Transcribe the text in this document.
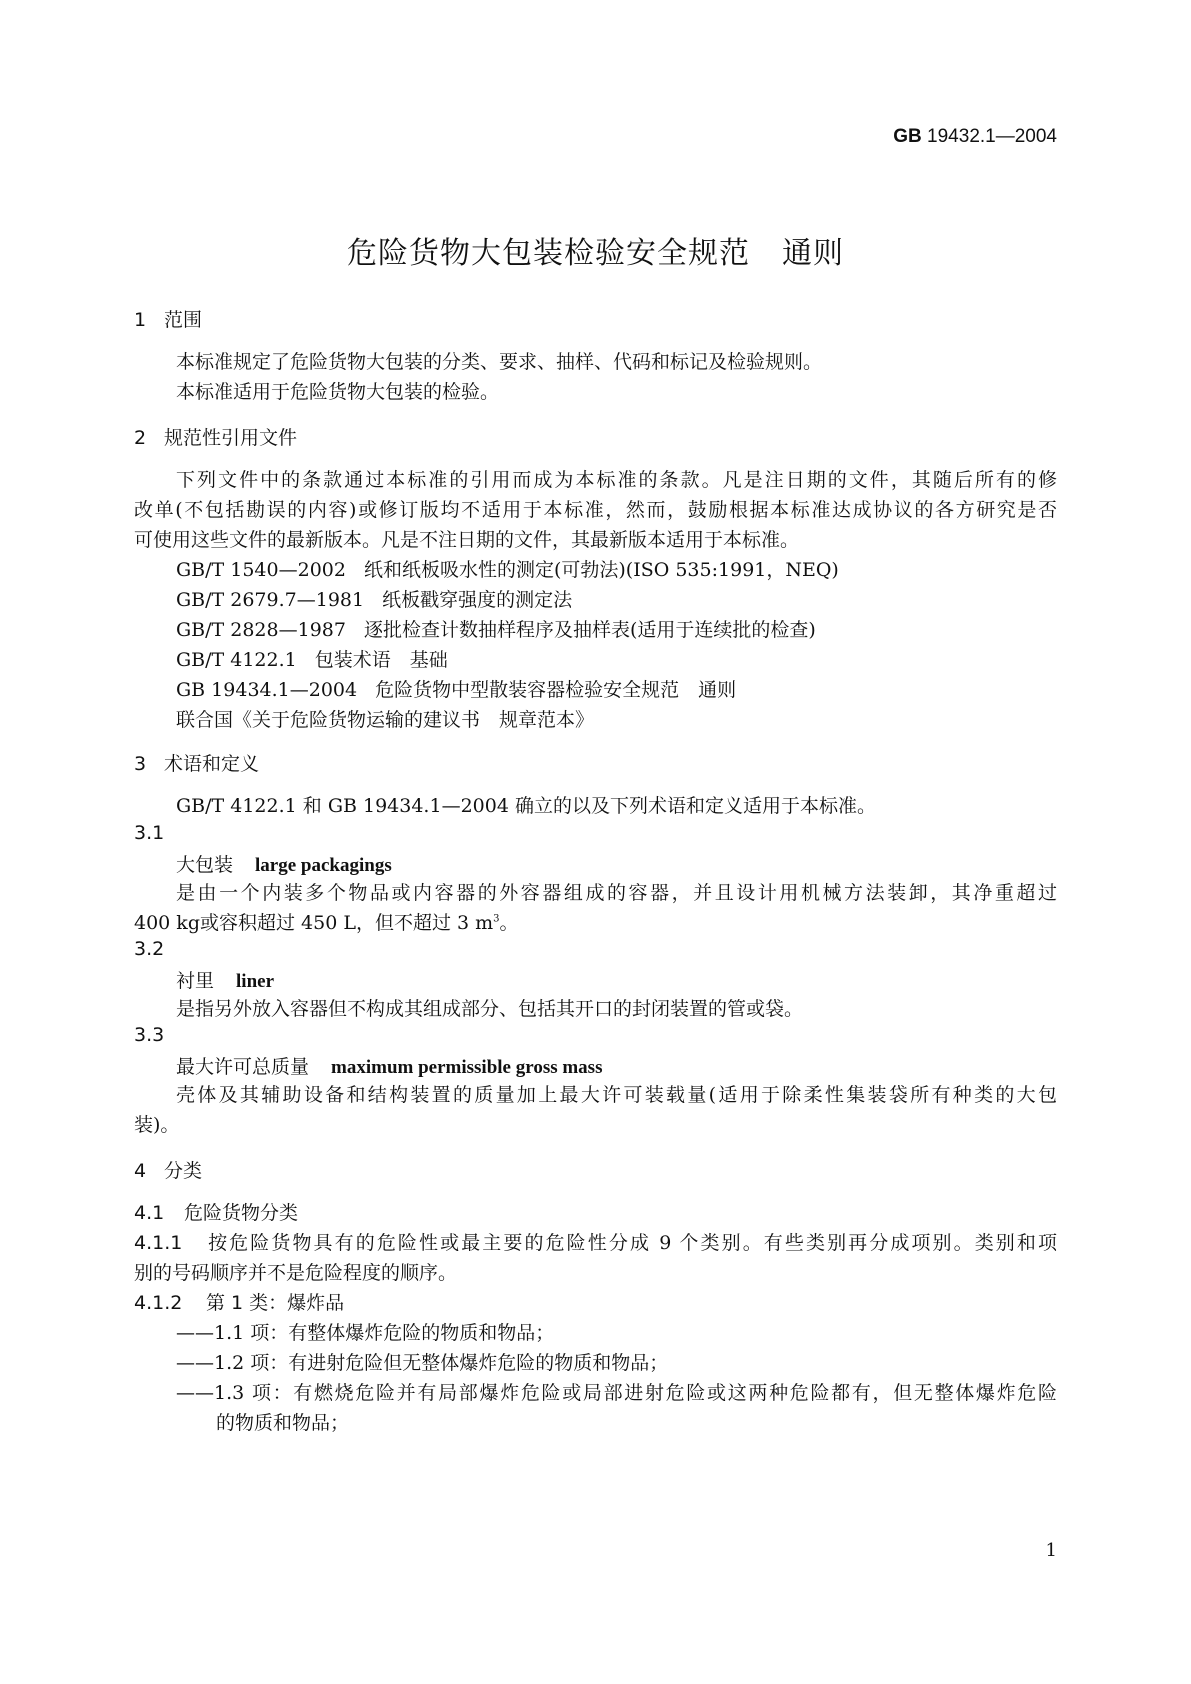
GB 19432.1—2004
危险货物大包装检验安全规范 通则
1 范围
本标准规定了危险货物大包装的分类、要求、抽样、代码和标记及检验规则。
本标准适用于危险货物大包装的检验。
2 规范性引用文件
下列文件中的条款通过本标准的引用而成为本标准的条款。凡是注日期的文件，其随后所有的修
改单(不包括勘误的内容)或修订版均不适用于本标准，然而，鼓励根据本标准达成协议的各方研究是否
可使用这些文件的最新版本。凡是不注日期的文件，其最新版本适用于本标准。
GB/T 1540—2002 纸和纸板吸水性的测定(可勃法)(ISO 535:1991，NEQ)
GB/T 2679.7—1981 纸板戳穿强度的测定法
GB/T 2828—1987 逐批检查计数抽样程序及抽样表(适用于连续批的检查)
GB/T 4122.1 包装术语　基础
GB 19434.1—2004 危险货物中型散装容器检验安全规范　通则
联合国《关于危险货物运输的建议书　规章范本》
3 术语和定义
GB/T 4122.1 和 GB 19434.1—2004 确立的以及下列术语和定义适用于本标准。
3.1
大包装 large packagings
是由一个内装多个物品或内容器的外容器组成的容器，并且设计用机械方法装卸，其净重超过
400 kg或容积超过 450 L，但不超过 3 $m^3$。
3.2
衬里 liner
是指另外放入容器但不构成其组成部分、包括其开口的封闭装置的管或袋。
3.3
最大许可总质量 maximum permissible gross mass
壳体及其辅助设备和结构装置的质量加上最大许可装载量(适用于除柔性集装袋所有种类的大包
装)。
4 分类
4.1 危险货物分类
4.1.1 按危险货物具有的危险性或最主要的危险性分成 9 个类别。有些类别再分成项别。类别和项
别的号码顺序并不是危险程度的顺序。
4.1.2 第 1 类：爆炸品
——1.1 项：有整体爆炸危险的物质和物品；
——1.2 项：有进射危险但无整体爆炸危险的物质和物品；
——1.3 项：有燃烧危险并有局部爆炸危险或局部进射危险或这两种危险都有，但无整体爆炸危险
的物质和物品；
1
